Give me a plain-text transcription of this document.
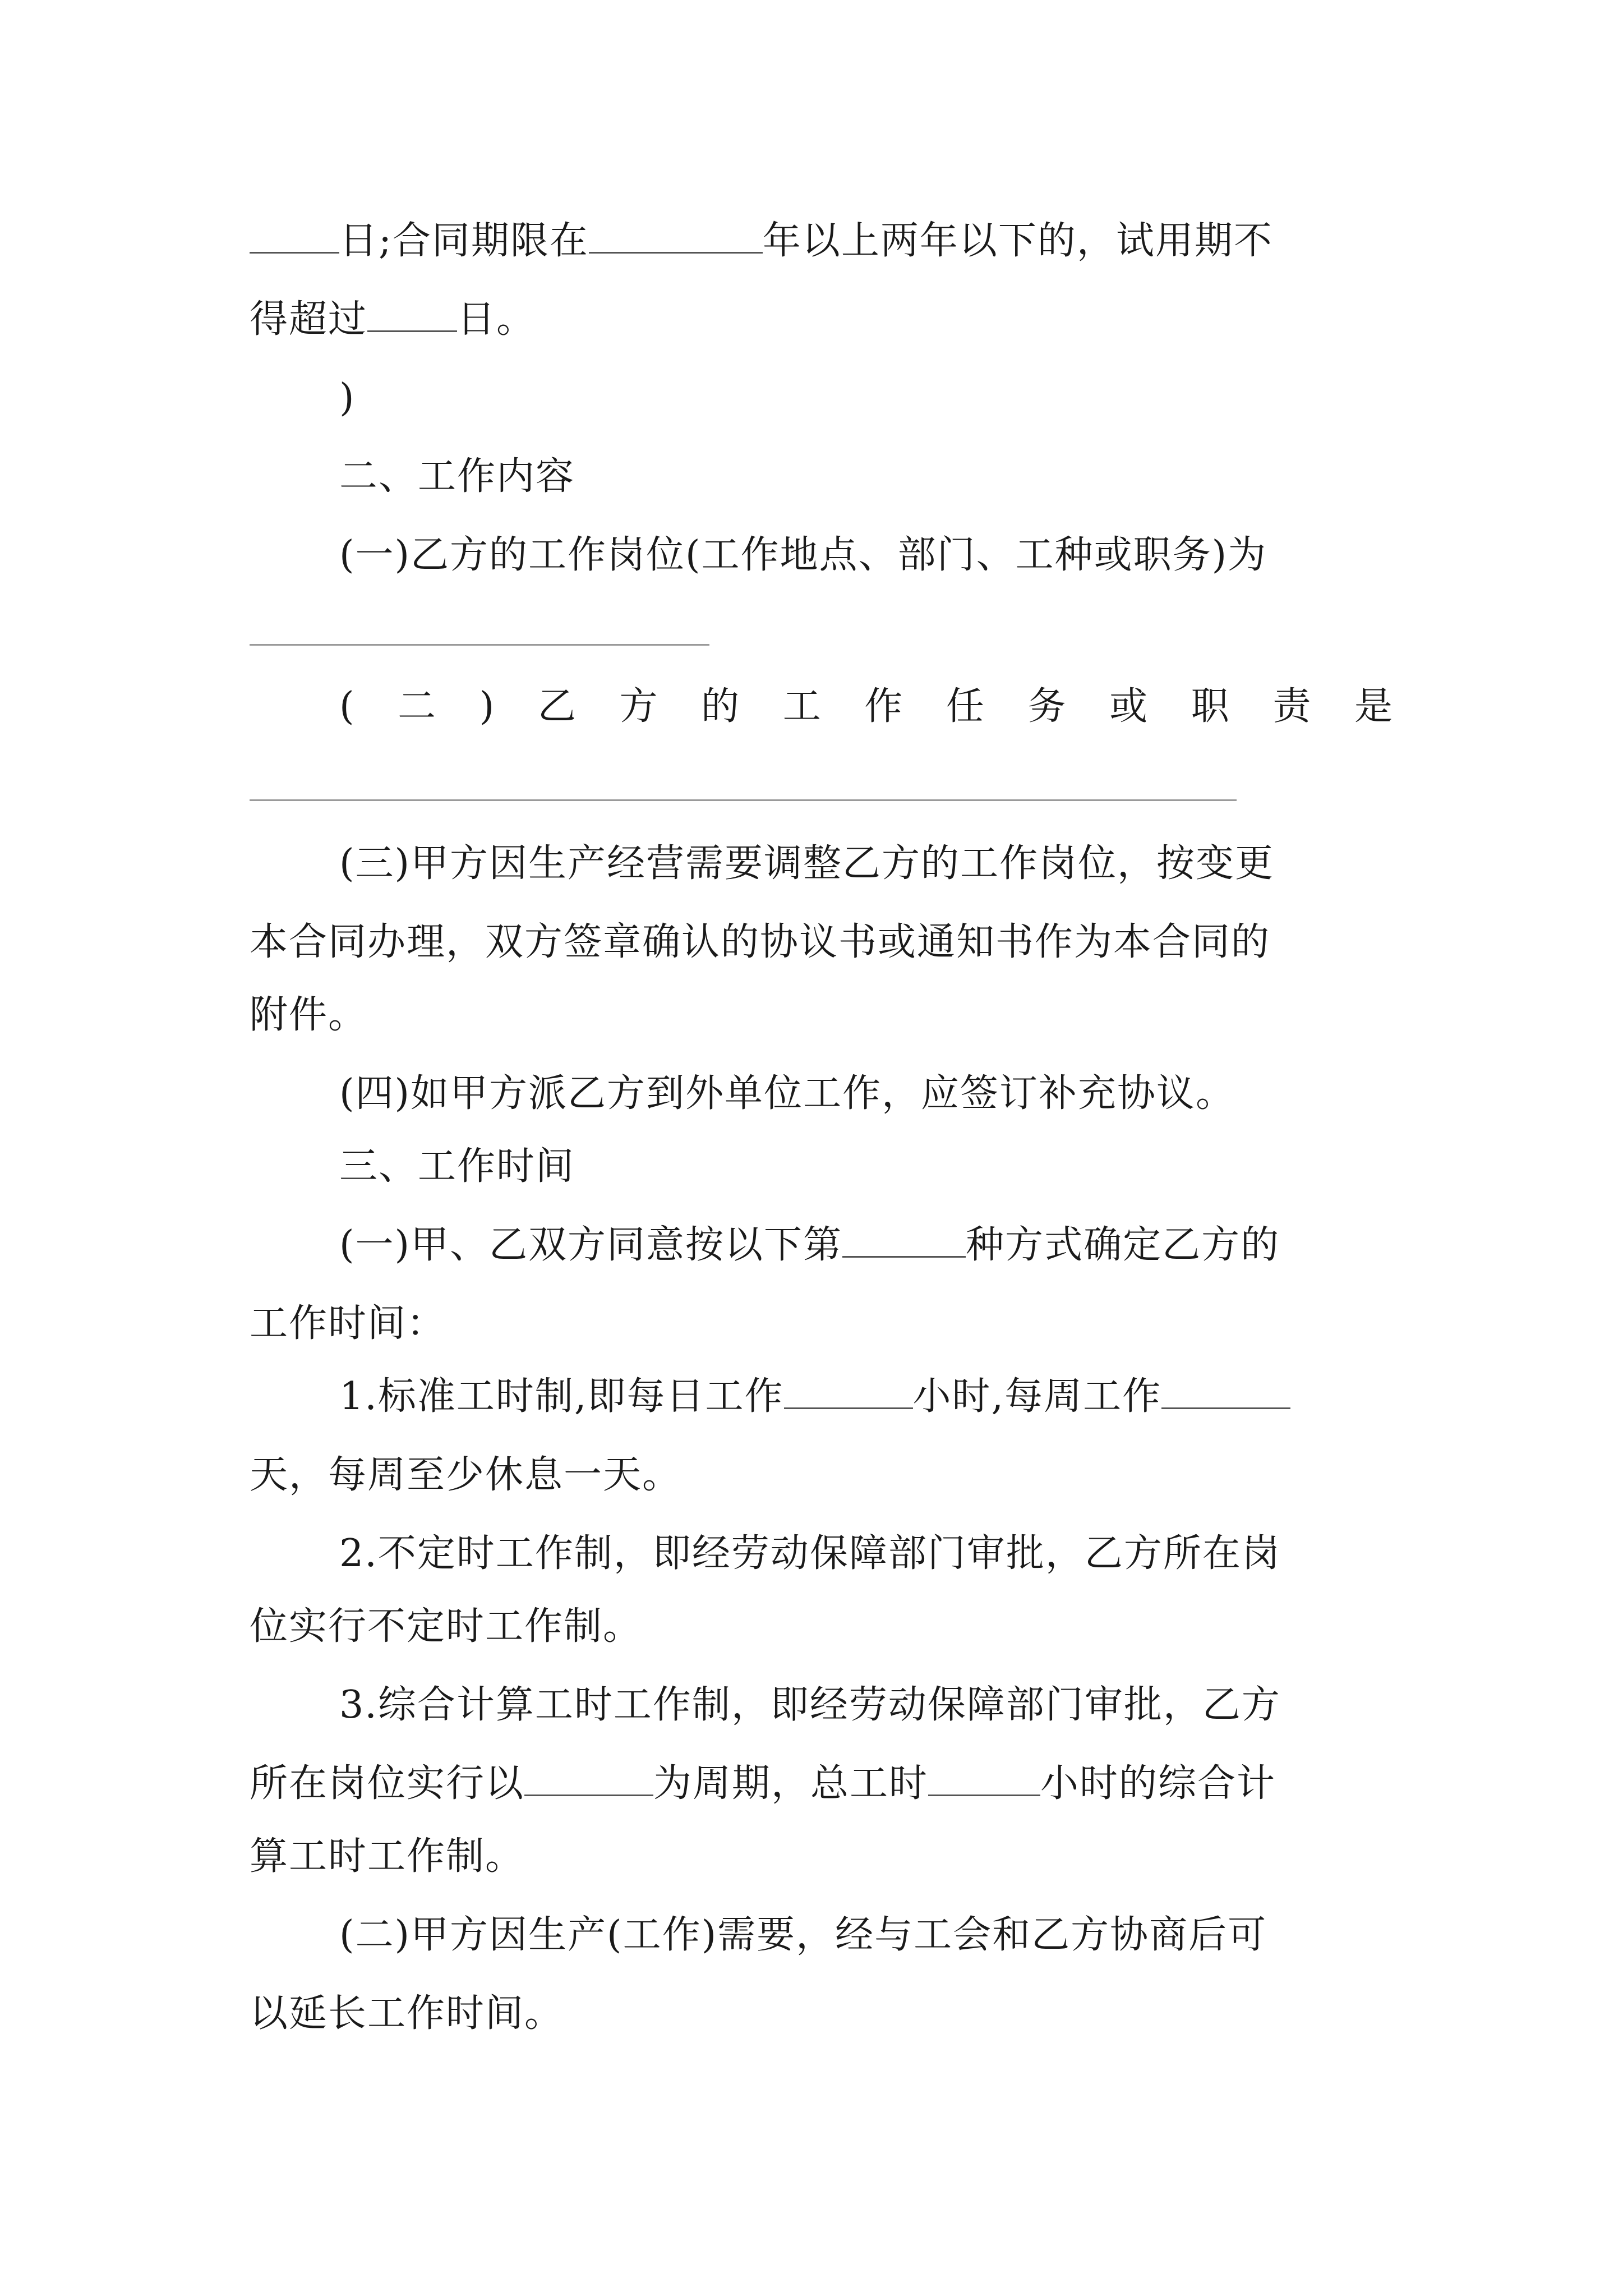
日;合同期限在	年以上两年以下的，试用期不
得超过 日。
)
二、工作内容
(一)乙方的工作岗位(工作地点、部门、工种或职务)为
( 二 ) 乙 方 的 工 作 任 务 或 职 责 是
(三)甲方因生产经营需要调整乙方的工作岗位，按变更
本合同办理，双方签章确认的协议书或通知书作为本合同的
附件。
(四)如甲方派乙方到外单位工作，应签订补充协议。
三、工作时间
(一)甲、乙双方同意按以下第	种方式确定乙方的
工作时间：
1.标准工时制,即每日工作	小时,每周工作
天，每周至少休息一天。
2.不定时工作制，即经劳动保障部门审批，乙方所在岗
位实行不定时工作制。
3.综合计算工时工作制，即经劳动保障部门审批，乙方
所在岗位实行以	为周期，总工时	小时的综合计
算工时工作制。
(二)甲方因生产(工作)需要，经与工会和乙方协商后可
以延长工作时间。
